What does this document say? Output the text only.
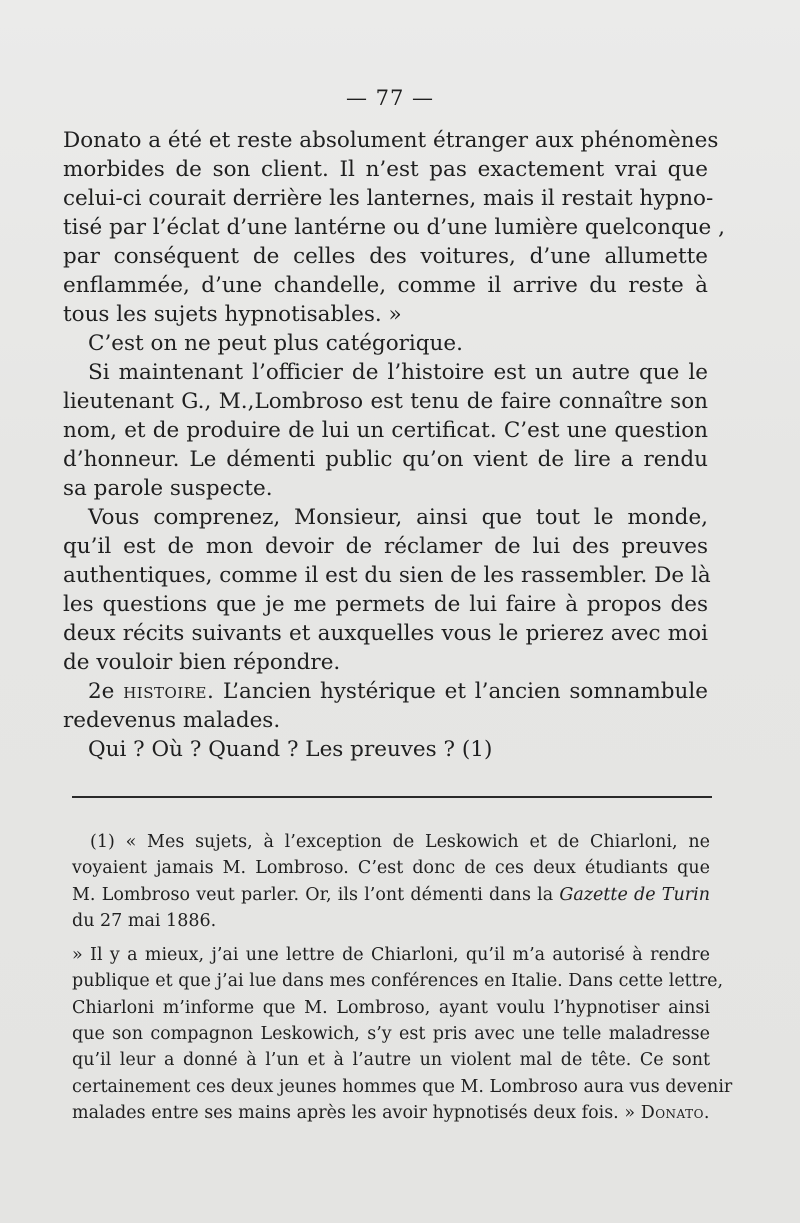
— 77 —
Donato a été et reste absolument étranger aux phénomènes
morbides de son client. Il n’est pas exactement vrai que
celui-ci courait derrière les lanternes, mais il restait hypno-
tisé par l’éclat d’une lantérne ou d’une lumière quelconque ,
par conséquent de celles des voitures, d’une allumette
enflammée, d’une chandelle, comme il arrive du reste à
tous les sujets hypnotisables. »
C’est on ne peut plus catégorique.
Si maintenant l’officier de l’histoire est un autre que le
lieutenant G., M.,Lombroso est tenu de faire connaître son
nom, et de produire de lui un certificat. C’est une question
d’honneur. Le démenti public qu’on vient de lire a rendu
sa parole suspecte.
Vous comprenez, Monsieur, ainsi que tout le monde,
qu’il est de mon devoir de réclamer de lui des preuves
authentiques, comme il est du sien de les rassembler. De là
les questions que je me permets de lui faire à propos des
deux récits suivants et auxquelles vous le prierez avec moi
de vouloir bien répondre.
2e histoire. L’ancien hystérique et l’ancien somnambule
redevenus malades.
Qui ? Où ? Quand ? Les preuves ? (1)
(1) « Mes sujets, à l’exception de Leskowich et de Chiarloni, ne
voyaient jamais M. Lombroso. C’est donc de ces deux étudiants que
M. Lombroso veut parler. Or, ils l’ont démenti dans la Gazette de Turin
du 27 mai 1886.
» Il y a mieux, j’ai une lettre de Chiarloni, qu’il m’a autorisé à rendre
publique et que j’ai lue dans mes conférences en Italie. Dans cette lettre,
Chiarloni m’informe que M. Lombroso, ayant voulu l’hypnotiser ainsi
que son compagnon Leskowich, s’y est pris avec une telle maladresse
qu’il leur a donné à l’un et à l’autre un violent mal de tête. Ce sont
certainement ces deux jeunes hommes que M. Lombroso aura vus devenir
malades entre ses mains après les avoir hypnotisés deux fois. » Donato.
